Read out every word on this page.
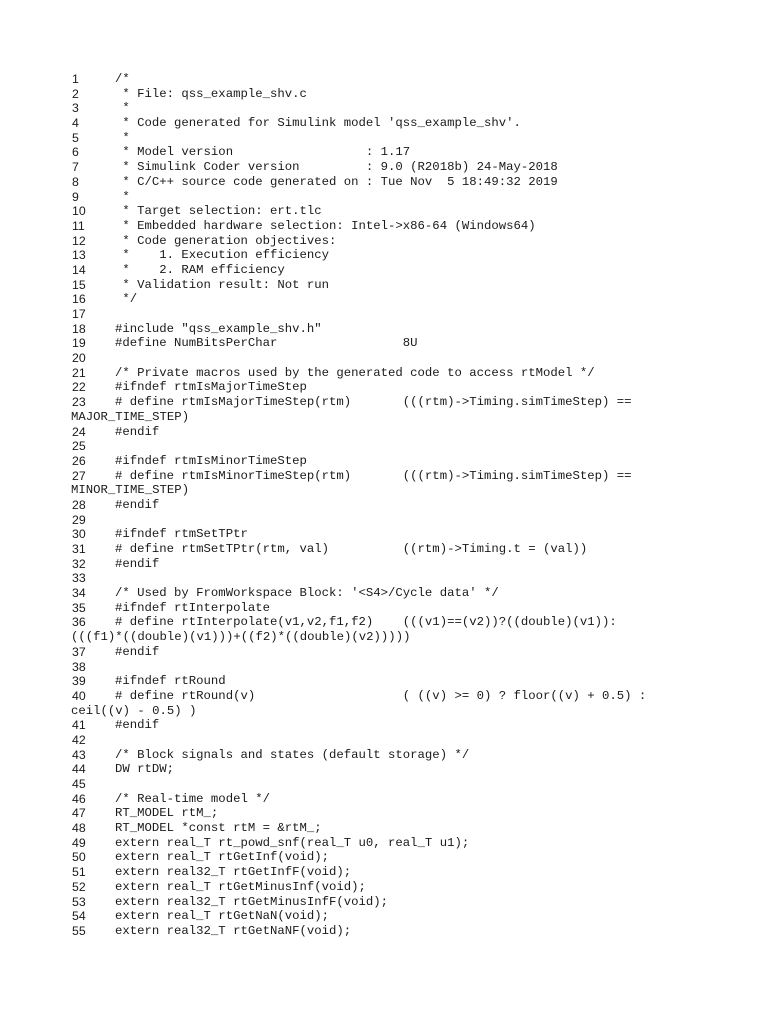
1	/*
2	* File: qss_example_shv.c
3	*
4	* Code generated for Simulink model 'qss_example_shv'.
5	*
6	* Model version                  : 1.17
7	* Simulink Coder version         : 9.0 (R2018b) 24-May-2018
8	* C/C++ source code generated on : Tue Nov  5 18:49:32 2019
9	*
10 * Target selection: ert.tlc
11 * Embedded hardware selection: Intel->x86-64 (Windows64)
12 * Code generation objectives:
13 *    1. Execution efficiency
14 *    2. RAM efficiency
15 * Validation result: Not run
16 */
17
18 #include "qss_example_shv.h"
19 #define NumBitsPerChar                 8U
20
21 /* Private macros used by the generated code to access rtModel */
22 #ifndef rtmIsMajorTimeStep
23 # define rtmIsMajorTimeStep(rtm)       (((rtm)->Timing.simTimeStep) ==
MAJOR_TIME_STEP)
24 #endif
25
26 #ifndef rtmIsMinorTimeStep
27 # define rtmIsMinorTimeStep(rtm)       (((rtm)->Timing.simTimeStep) ==
MINOR_TIME_STEP)
28 #endif
29
30 #ifndef rtmSetTPtr
31 # define rtmSetTPtr(rtm, val)          ((rtm)->Timing.t = (val))
32 #endif
33
34 /* Used by FromWorkspace Block: '<S4>/Cycle data' */
35 #ifndef rtInterpolate
36 # define rtInterpolate(v1,v2,f1,f2)    (((v1)==(v2))?((double)(v1)):
(((f1)*((double)(v1)))+((f2)*((double)(v2)))))
37 #endif
38
39 #ifndef rtRound
40 # define rtRound(v)                    ( ((v) >= 0) ? floor((v) + 0.5) :
ceil((v) - 0.5) )
41 #endif
42
43 /* Block signals and states (default storage) */
44 DW rtDW;
45
46 /* Real-time model */
47 RT_MODEL rtM_;
48 RT_MODEL *const rtM = &rtM_;
49 extern real_T rt_powd_snf(real_T u0, real_T u1);
50 extern real_T rtGetInf(void);
51 extern real32_T rtGetInfF(void);
52 extern real_T rtGetMinusInf(void);
53 extern real32_T rtGetMinusInfF(void);
54 extern real_T rtGetNaN(void);
55 extern real32_T rtGetNaNF(void);
